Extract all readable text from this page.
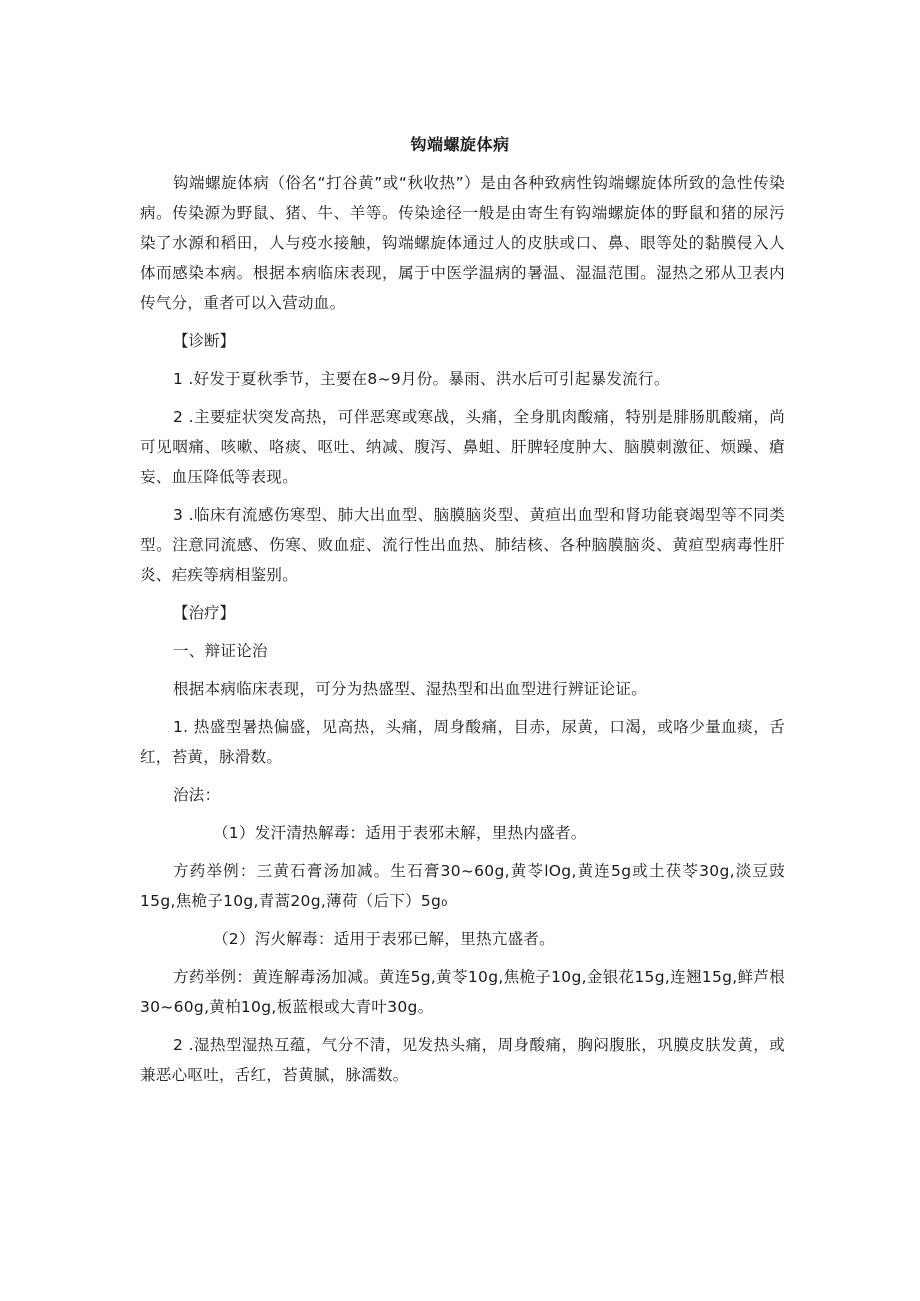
钩端螺旋体病

钩端螺旋体病（俗名“打谷黄”或“秋收热”）是由各种致病性钩端螺旋体所致的急性传染病。传染源为野鼠、猪、牛、羊等。传染途径一般是由寄生有钩端螺旋体的野鼠和猪的尿污染了水源和稻田，人与疫水接触，钩端螺旋体通过人的皮肤或口、鼻、眼等处的黏膜侵入人体而感染本病。根据本病临床表现，属于中医学温病的暑温、湿温范围。湿热之邪从卫表内传气分，重者可以入营动血。

【诊断】

1 .好发于夏秋季节，主要在8~9月份。暴雨、洪水后可引起暴发流行。

2 .主要症状突发高热，可伴恶寒或寒战，头痛，全身肌肉酸痛，特别是腓肠肌酸痛，尚可见咽痛、咳嗽、咯痰、呕吐、纳减、腹泻、鼻蛆、肝脾轻度肿大、脑膜刺激征、烦躁、瘡妄、血压降低等表现。

3 .临床有流感伤寒型、肺大出血型、脑膜脑炎型、黄疸出血型和肾功能衰竭型等不同类型。注意同流感、伤寒、败血症、流行性出血热、肺结核、各种脑膜脑炎、黄疸型病毒性肝炎、疟疾等病相鉴别。

【治疗】

一、辩证论治

根据本病临床表现，可分为热盛型、湿热型和出血型进行辨证论证。

1. 热盛型暑热偏盛，见高热，头痛，周身酸痛，目赤，尿黄，口渴，或咯少量血痰，舌红，苔黄，脉滑数。

治法：

（1）发汗清热解毒：适用于表邪未解，里热内盛者。

方药举例：三黄石膏汤加减。生石膏30~60g,黄苓lOg,黄连5g或土茯苓30g,淡豆豉15g,焦桅子10g,青蒿20g,薄荷（后下）5g₀

（2）泻火解毒：适用于表邪已解，里热亢盛者。

方药举例：黄连解毒汤加减。黄连5g,黄苓10g,焦桅子10g,金银花15g,连翘15g,鲜芦根30~60g,黄柏10g,板蓝根或大青叶30g。

2 .湿热型湿热互蕴，气分不清，见发热头痛，周身酸痛，胸闷腹胀，巩膜皮肤发黄，或兼恶心呕吐，舌红，苔黄腻，脉濡数。
